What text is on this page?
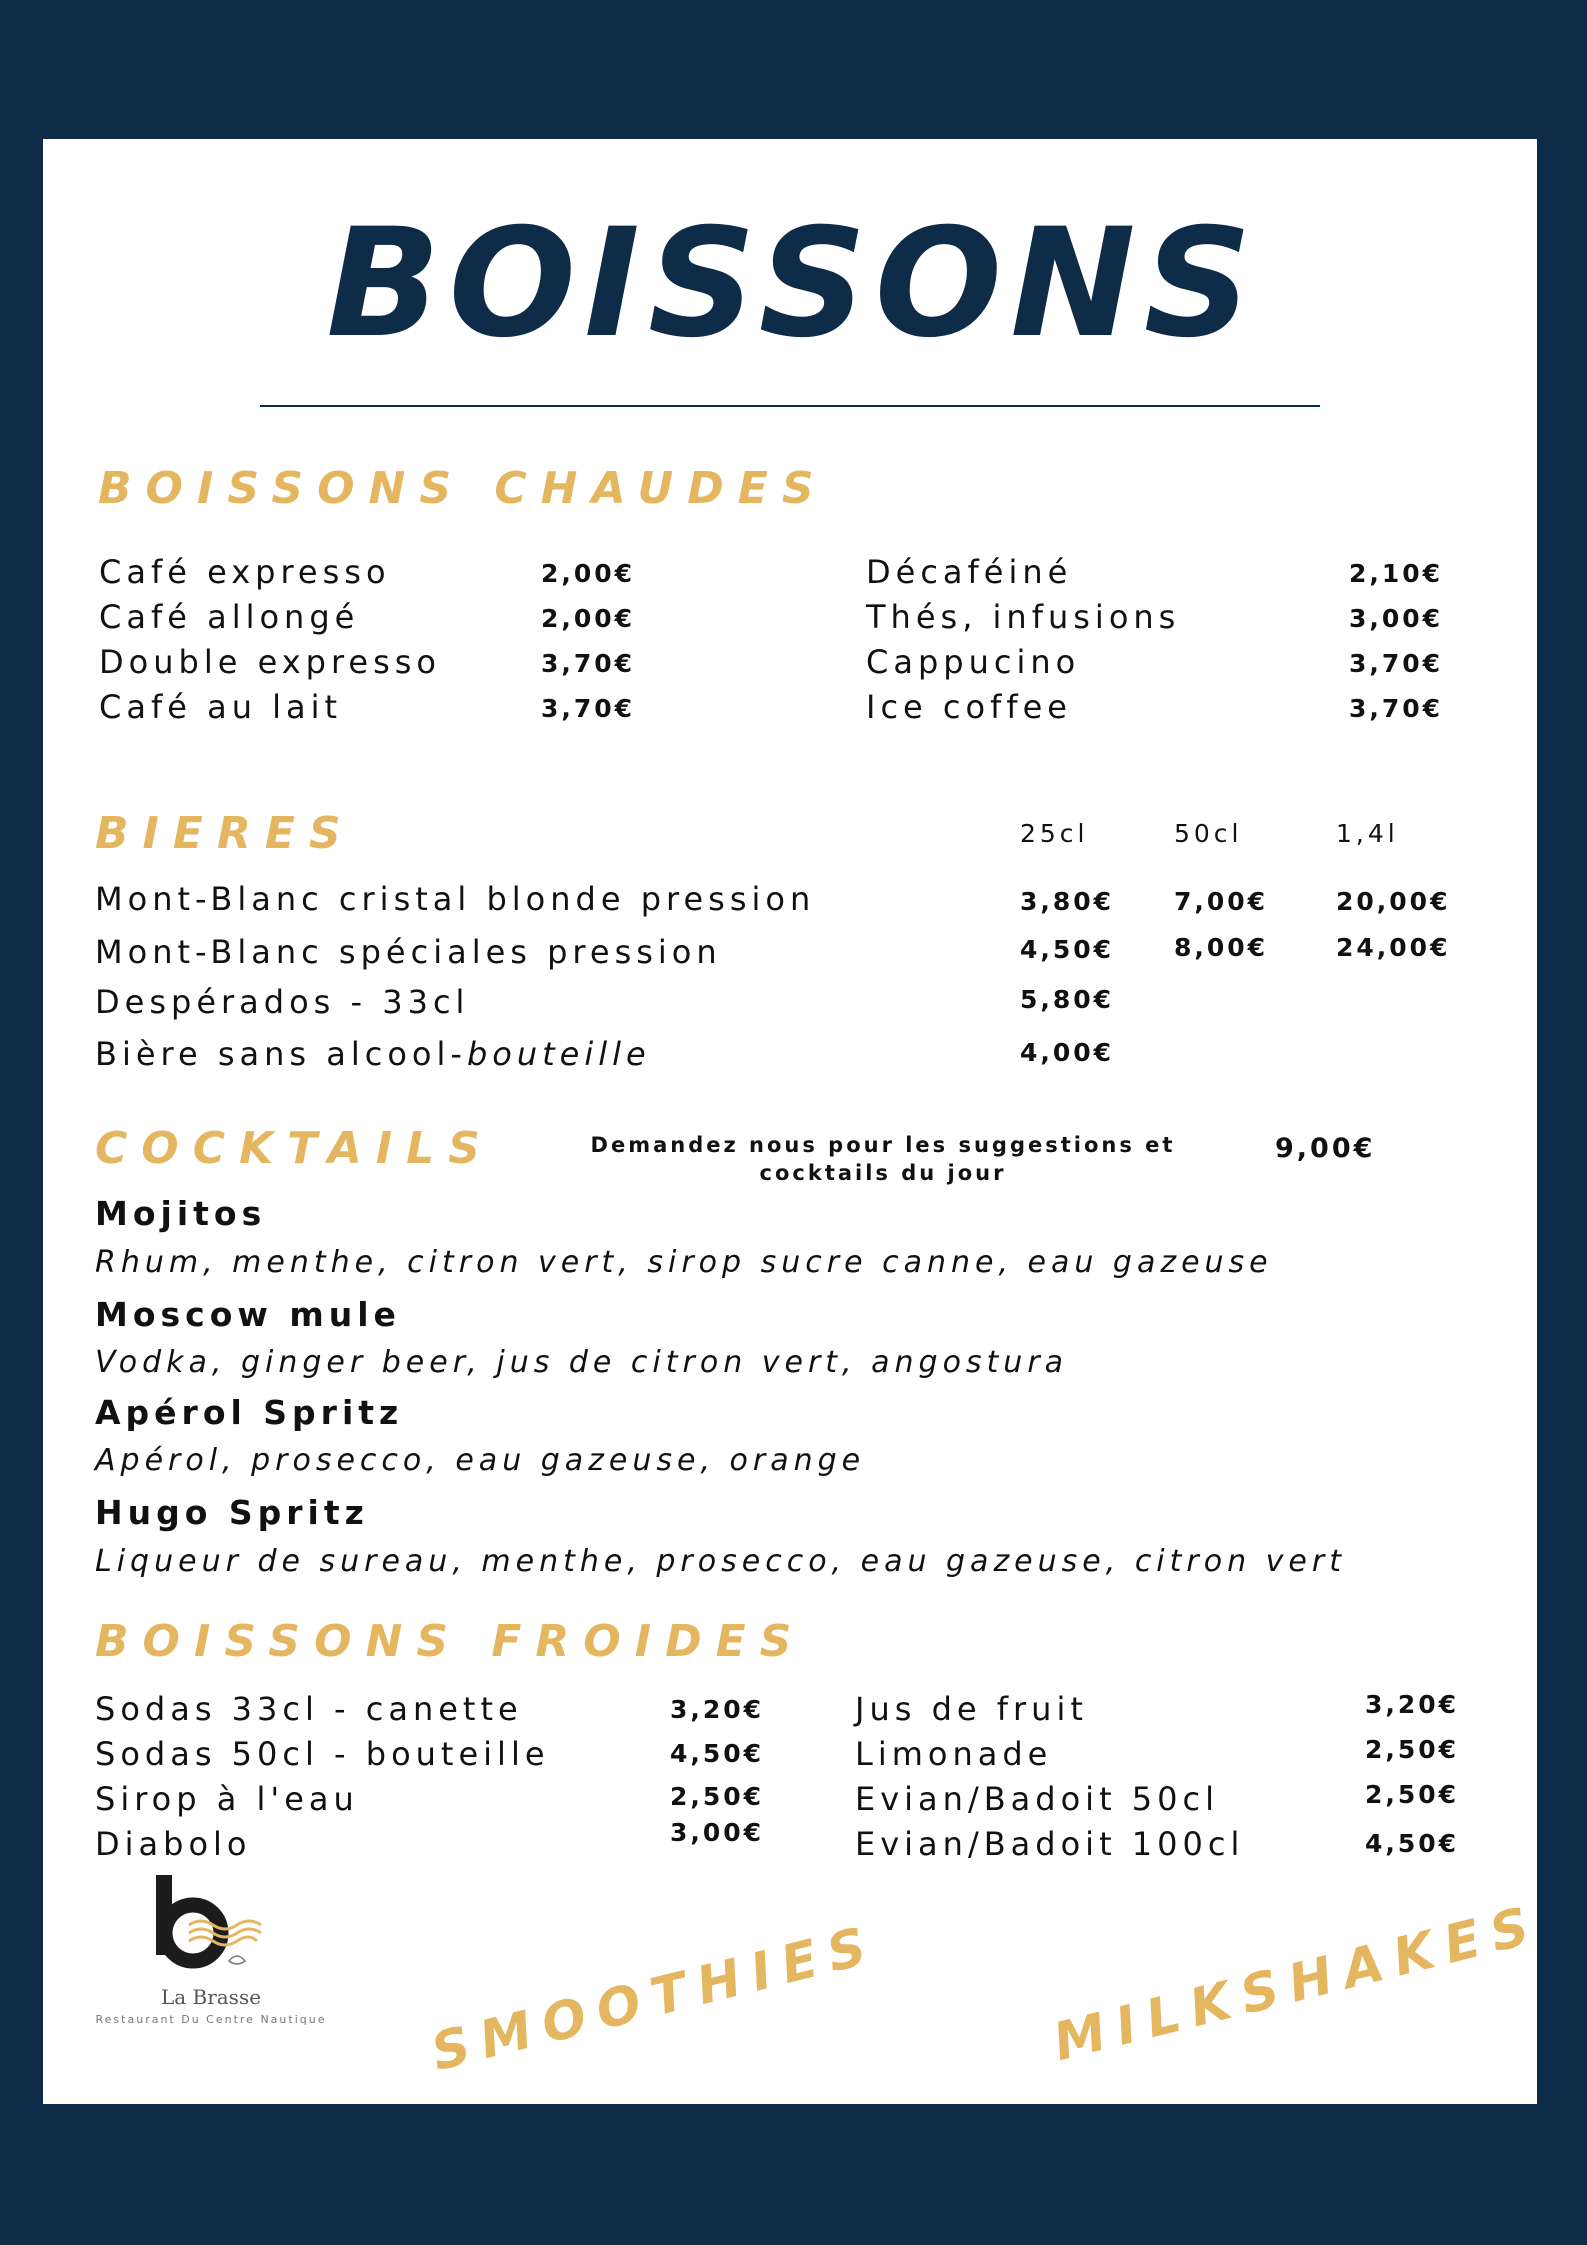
BOISSONS
BOISSONS CHAUDES
Café expresso	2,00€
Café allongé	2,00€
Double expresso	3,70€
Café au lait	3,70€
Décaféiné	2,10€
Thés, infusions	3,00€
Cappucino	3,70€
Ice coffee	3,70€
BIERES	25cl	50cl	1,4l
Mont-Blanc cristal blonde pression	3,80€ 7,00€	20,00€
Mont-Blanc spéciales pression	4,50€ 8,00€	24,00€
Despérados - 33cl	5,80€
Bière sans alcool-bouteille	4,00€
COCKTAILS	Demandez nous pour les suggestions et cocktails du jour
9,00€
Mojitos
Rhum, menthe, citron vert, sirop sucre canne, eau gazeuse
Moscow mule
Vodka, ginger beer, jus de citron vert, angostura
Apérol Spritz
Apérol, prosecco, eau gazeuse, orange
Hugo Spritz
Liqueur de sureau, menthe, prosecco, eau gazeuse, citron vert
BOISSONS FROIDES
Sodas 33cl - canette	3,20€
Sodas 50cl - bouteille	4,50€
Sirop à l'eau	2,50€
Diabolo	3,00€
Jus de fruit	3,20€
Limonade	2,50€
Evian/Badoit 50cl	2,50€
Evian/Badoit 100cl	4,50€
La Brasse
Restaurant Du Centre Nautique SMOOTHIES	MILKSHAKES
